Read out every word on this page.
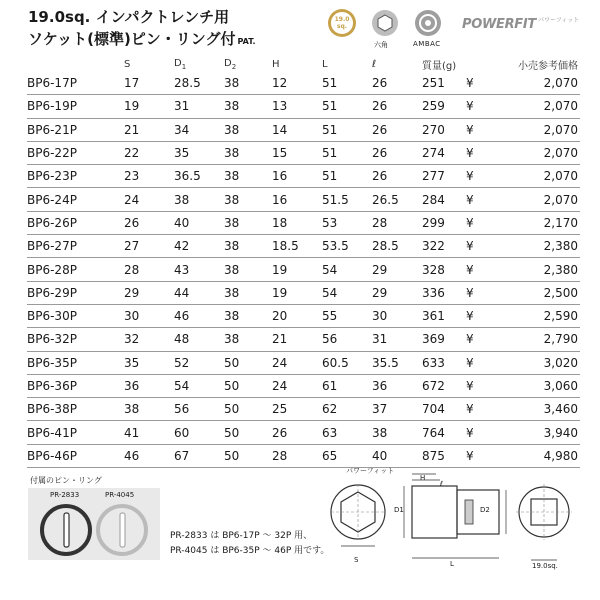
19.0sq. インパクトレンチ用
ソケット(標準)ピン・リング付 PAT.
19.0
sq.
六角	AMBAC
POWERFIT パワーフィット
	S	$D_1$	$D_2$	H	L	ℓ	質量(g)		小売参考価格
BP6-17P	17	28.5	38	12	51	26	251	¥	2,070
BP6-19P	19	31	38	13	51	26	259	¥	2,070
BP6-21P	21	34	38	14	51	26	270	¥	2,070
BP6-22P	22	35	38	15	51	26	274	¥	2,070
BP6-23P	23	36.5	38	16	51	26	277	¥	2,070
BP6-24P	24	38	38	16	51.5	26.5	284	¥	2,070
BP6-26P	26	40	38	18	53	28	299	¥	2,170
BP6-27P	27	42	38	18.5	53.5	28.5	322	¥	2,380
BP6-28P	28	43	38	19	54	29	328	¥	2,380
BP6-29P	29	44	38	19	54	29	336	¥	2,500
BP6-30P	30	46	38	20	55	30	361	¥	2,590
BP6-32P	32	48	38	21	56	31	369	¥	2,790
BP6-35P	35	52	50	24	60.5	35.5	633	¥	3,020
BP6-36P	36	54	50	24	61	36	672	¥	3,060
BP6-38P	38	56	50	25	62	37	704	¥	3,460
BP6-41P	41	60	50	26	63	38	764	¥	3,940
BP6-46P	46	67	50	28	65	40	875	¥	4,980
付属のピン・リング
PR-2833	PR-4045
PR-2833 は BP6-17P ～ 32P 用、
PR-4045 は BP6-35P ～ 46P 用です。
パワーフィット
H
ℓ
D1	D2
S	L	19.0sq.
